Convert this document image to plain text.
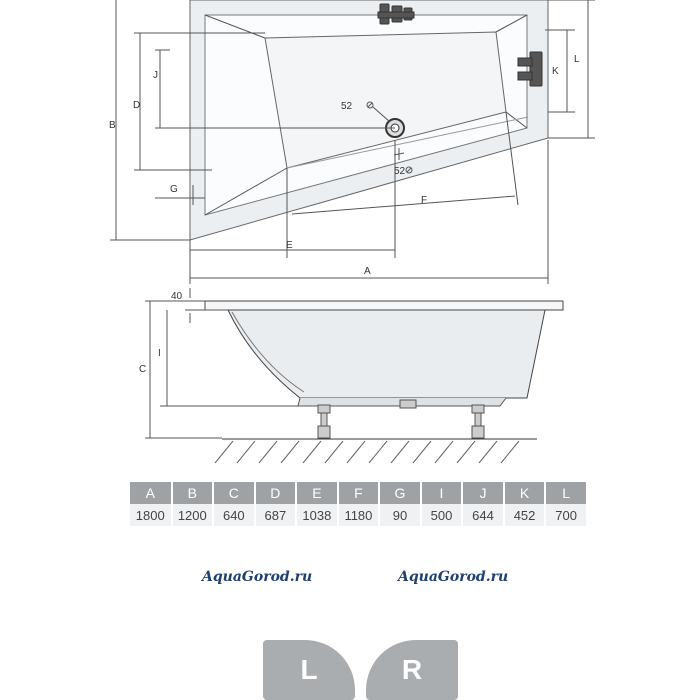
B
D
J
G
E
F
A
K
L
52
52
40
C
I
A	B	C	D	E	F	G	I	J	K	L
1800	1200	640	687	1038	1180	90	500	644	452	700
AquaGorod.ru	AquaGorod.ru
L	R
